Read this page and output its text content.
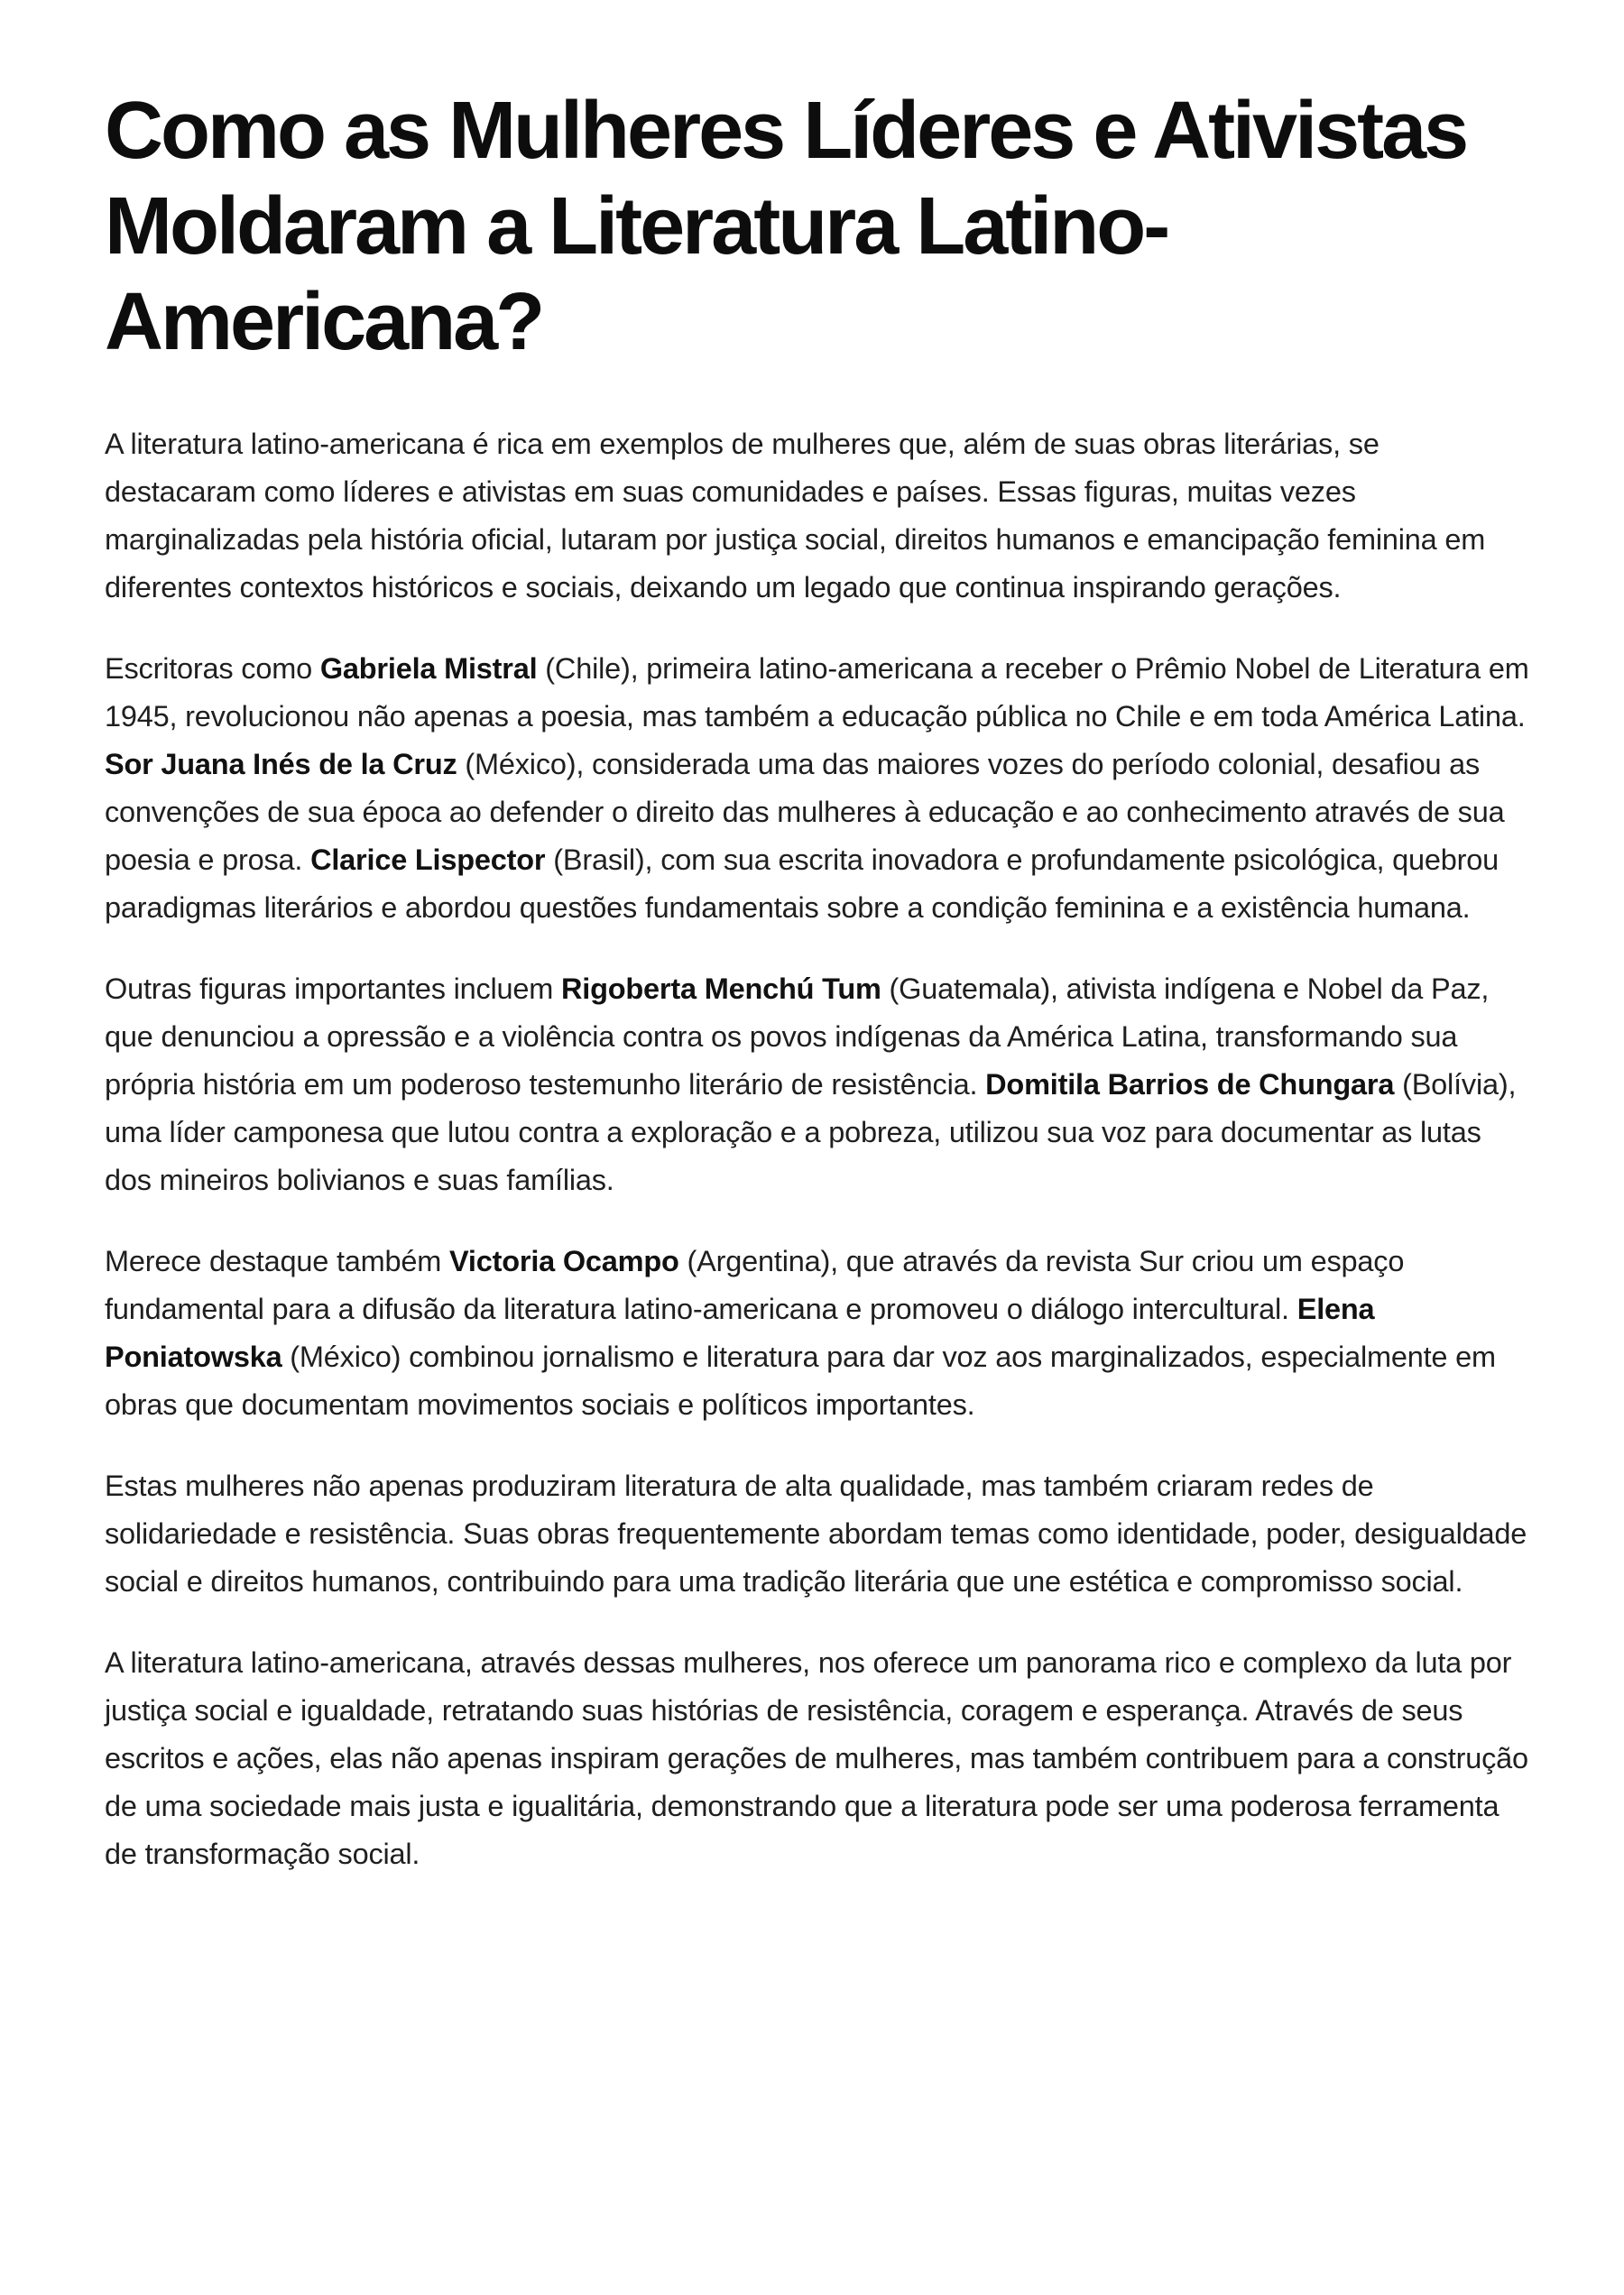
Como as Mulheres Líderes e Ativistas Moldaram a Literatura Latino-Americana?

A literatura latino-americana é rica em exemplos de mulheres que, além de suas obras literárias, se destacaram como líderes e ativistas em suas comunidades e países. Essas figuras, muitas vezes marginalizadas pela história oficial, lutaram por justiça social, direitos humanos e emancipação feminina em diferentes contextos históricos e sociais, deixando um legado que continua inspirando gerações.

Escritoras como Gabriela Mistral (Chile), primeira latino-americana a receber o Prêmio Nobel de Literatura em 1945, revolucionou não apenas a poesia, mas também a educação pública no Chile e em toda América Latina. Sor Juana Inés de la Cruz (México), considerada uma das maiores vozes do período colonial, desafiou as convenções de sua época ao defender o direito das mulheres à educação e ao conhecimento através de sua poesia e prosa. Clarice Lispector (Brasil), com sua escrita inovadora e profundamente psicológica, quebrou paradigmas literários e abordou questões fundamentais sobre a condição feminina e a existência humana.

Outras figuras importantes incluem Rigoberta Menchú Tum (Guatemala), ativista indígena e Nobel da Paz, que denunciou a opressão e a violência contra os povos indígenas da América Latina, transformando sua própria história em um poderoso testemunho literário de resistência. Domitila Barrios de Chungara (Bolívia), uma líder camponesa que lutou contra a exploração e a pobreza, utilizou sua voz para documentar as lutas dos mineiros bolivianos e suas famílias.

Merece destaque também Victoria Ocampo (Argentina), que através da revista Sur criou um espaço fundamental para a difusão da literatura latino-americana e promoveu o diálogo intercultural. Elena Poniatowska (México) combinou jornalismo e literatura para dar voz aos marginalizados, especialmente em obras que documentam movimentos sociais e políticos importantes.

Estas mulheres não apenas produziram literatura de alta qualidade, mas também criaram redes de solidariedade e resistência. Suas obras frequentemente abordam temas como identidade, poder, desigualdade social e direitos humanos, contribuindo para uma tradição literária que une estética e compromisso social.

A literatura latino-americana, através dessas mulheres, nos oferece um panorama rico e complexo da luta por justiça social e igualdade, retratando suas histórias de resistência, coragem e esperança. Através de seus escritos e ações, elas não apenas inspiram gerações de mulheres, mas também contribuem para a construção de uma sociedade mais justa e igualitária, demonstrando que a literatura pode ser uma poderosa ferramenta de transformação social.
